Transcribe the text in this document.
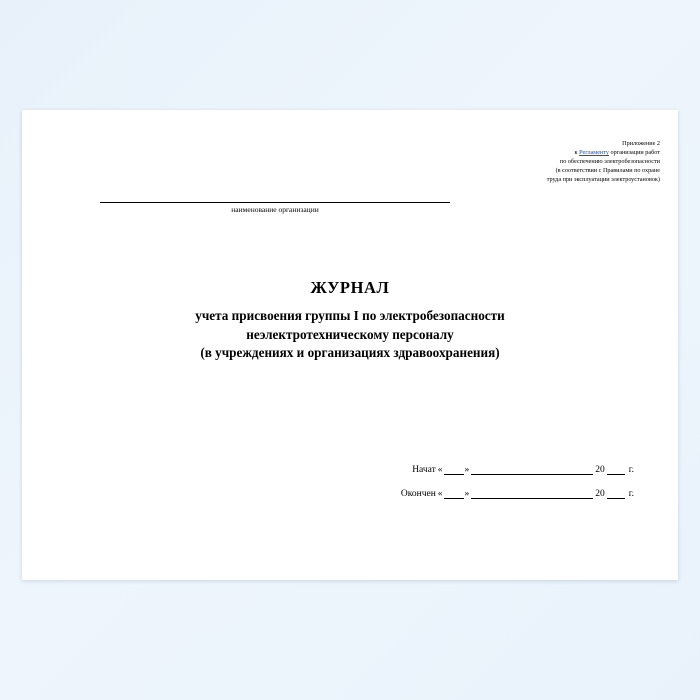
Приложение 2
к Регламенту организации работ
по обеспечению электробезопасности
(в соответствии с Правилами по охране
труда при эксплуатации электроустановок)
наименование организации
ЖУРНАЛ
учета присвоения группы I по электробезопасности
неэлектротехническому персоналу
(в учреждениях и организациях здравоохранения)
Начат « »	20	г.
Окончен « »	20	г.
